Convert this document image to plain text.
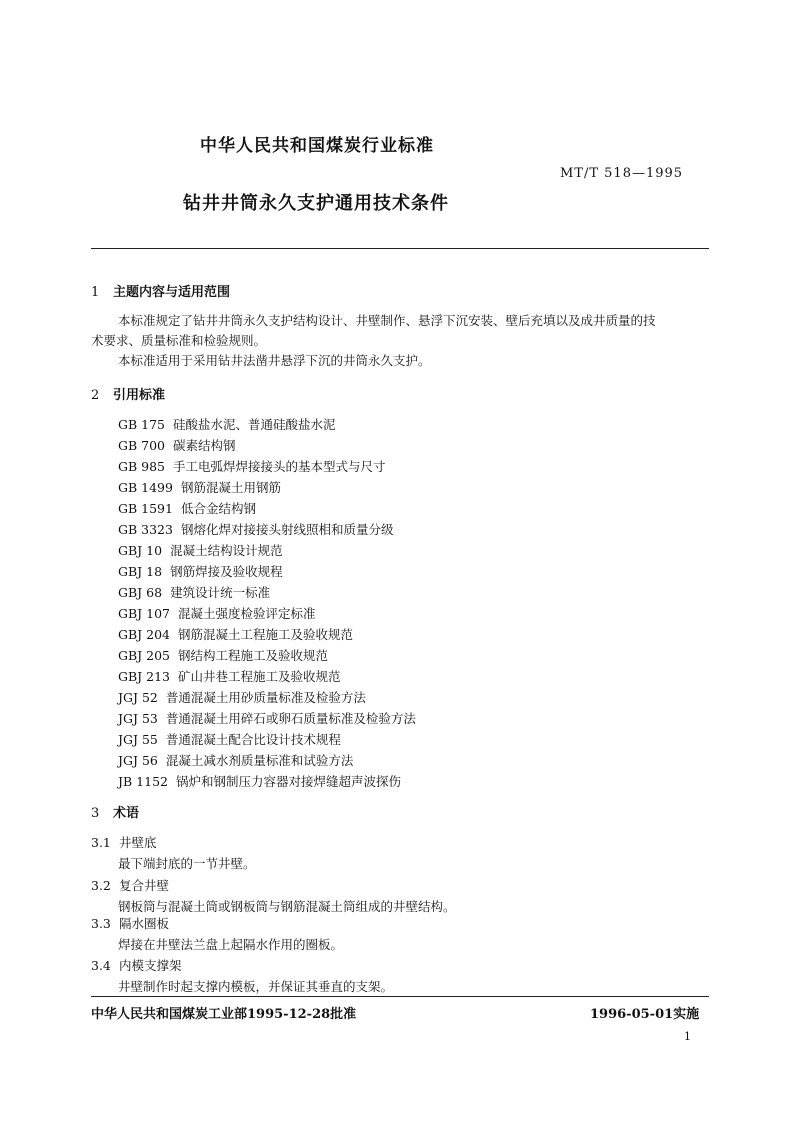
中华人民共和国煤炭行业标准
MT/T 518—1995
钻井井筒永久支护通用技术条件
1 主题内容与适用范围
本标准规定了钻井井筒永久支护结构设计、井壁制作、悬浮下沉安装、壁后充填以及成井质量的技
术要求、质量标准和检验规则。
本标准适用于采用钻井法凿井悬浮下沉的井筒永久支护。
2 引用标准
GB 175 硅酸盐水泥、普通硅酸盐水泥
GB 700 碳素结构钢
GB 985 手工电弧焊焊接接头的基本型式与尺寸
GB 1499 钢筋混凝土用钢筋
GB 1591 低合金结构钢
GB 3323 钢熔化焊对接接头射线照相和质量分级
GBJ 10 混凝土结构设计规范
GBJ 18 钢筋焊接及验收规程
GBJ 68 建筑设计统一标准
GBJ 107 混凝土强度检验评定标准
GBJ 204 钢筋混凝土工程施工及验收规范
GBJ 205 钢结构工程施工及验收规范
GBJ 213 矿山井巷工程施工及验收规范
JGJ 52 普通混凝土用砂质量标准及检验方法
JGJ 53 普通混凝土用碎石或卵石质量标准及检验方法
JGJ 55 普通混凝土配合比设计技术规程
JGJ 56 混凝土减水剂质量标准和试验方法
JB 1152 锅炉和钢制压力容器对接焊缝超声波探伤
3 术语
3.1 井壁底
最下端封底的一节井壁。
3.2 复合井壁
钢板筒与混凝土筒或钢板筒与钢筋混凝土筒组成的井壁结构。
3.3 隔水圈板
焊接在井壁法兰盘上起隔水作用的圈板。
3.4 内模支撑架
井壁制作时起支撑内模板，并保证其垂直的支架。
中华人民共和国煤炭工业部1995-12-28批准	1996-05-01实施
1
